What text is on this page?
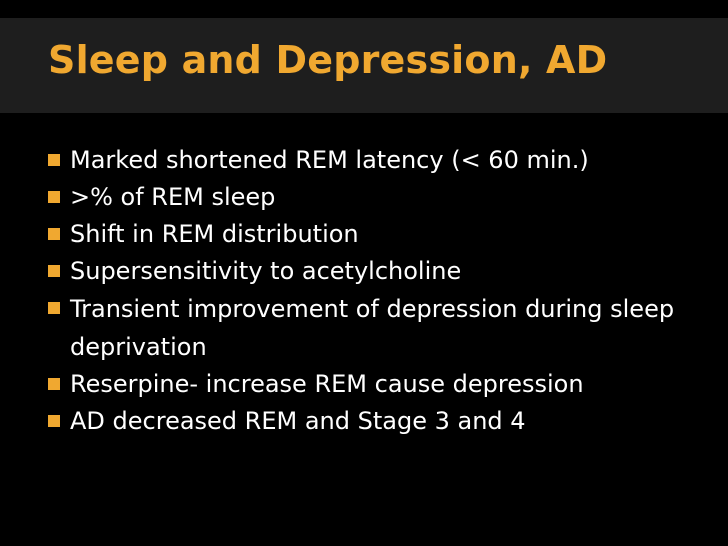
Sleep and Depression, AD
Marked shortened REM latency (< 60 min.)
>% of REM sleep
Shift in REM distribution
Supersensitivity to acetylcholine
Transient improvement of depression during sleep deprivation
Reserpine- increase REM cause depression
AD decreased REM and Stage 3 and 4
